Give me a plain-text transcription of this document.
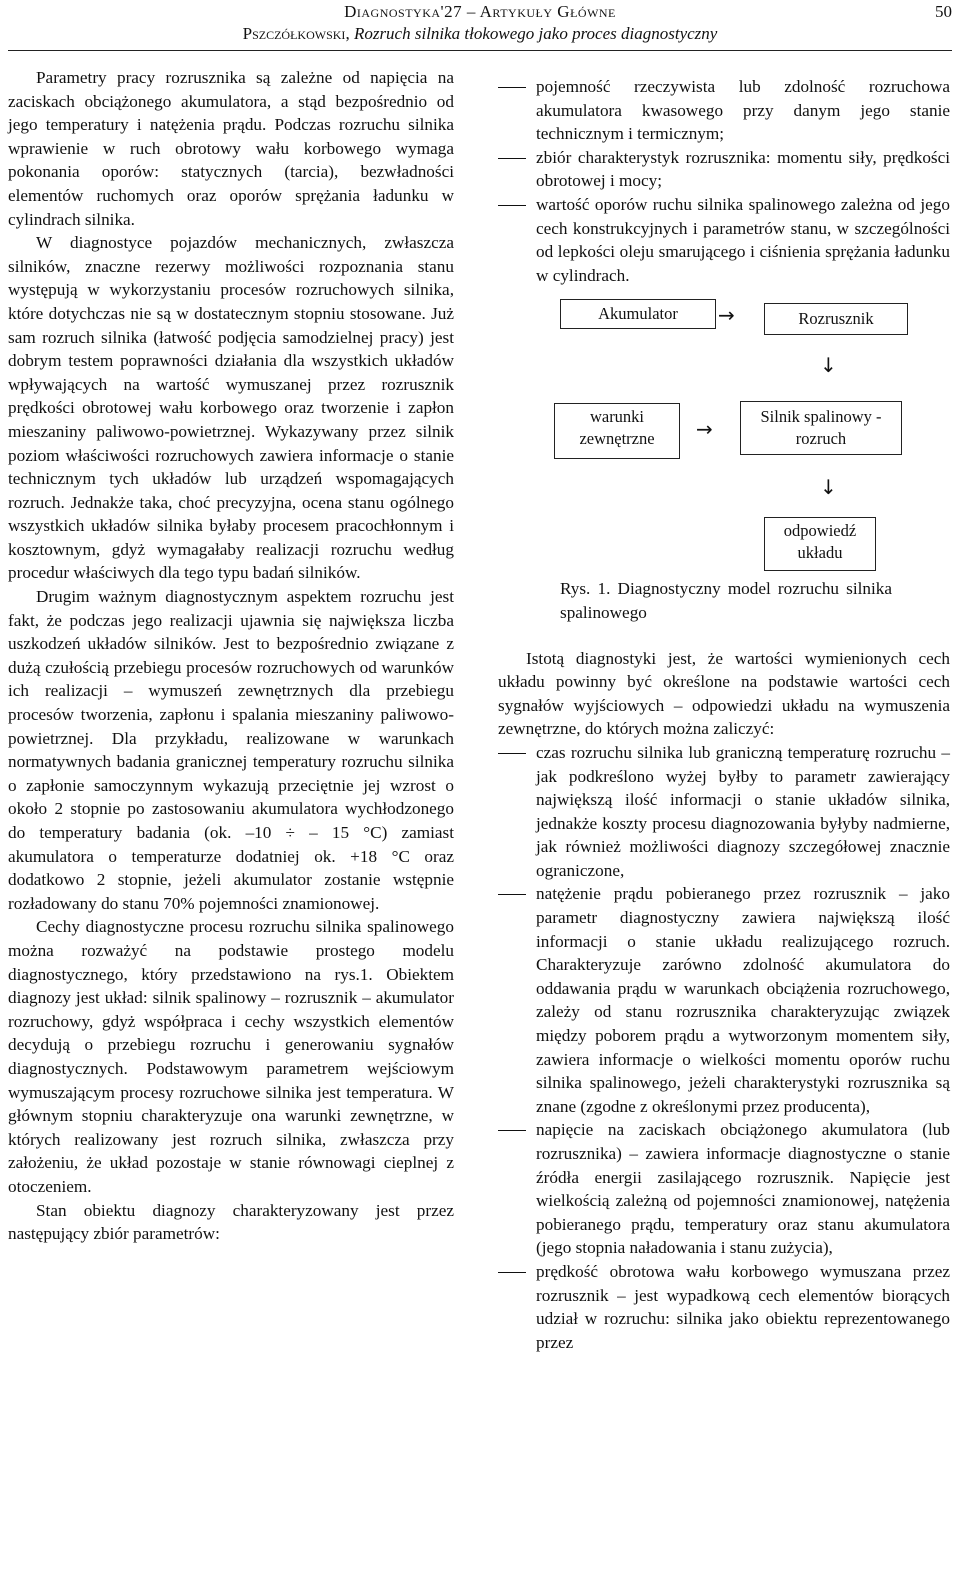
Diagnostyka'27 – Artykuły Główne
Pszczółkowski, Rozruch silnika tłokowego jako proces diagnostyczny
50

Parametry pracy rozrusznika są zależne od napięcia na zaciskach obciążonego akumulatora, a stąd bezpośrednio od jego temperatury i natężenia prądu. Podczas rozruchu silnika wprawienie w ruch obrotowy wału korbowego wymaga pokonania oporów: statycznych (tarcia), bezwładności elementów ruchomych oraz oporów sprężania ładunku w cylindrach silnika.

W diagnostyce pojazdów mechanicznych, zwłaszcza silników, znaczne rezerwy możliwości rozpoznania stanu występują w wykorzystaniu procesów rozruchowych silnika, które dotychczas nie są w dostatecznym stopniu stosowane. Już sam rozruch silnika (łatwość podjęcia samodzielnej pracy) jest dobrym testem poprawności działania dla wszystkich układów wpływających na wartość wymuszanej przez rozrusznik prędkości obrotowej wału korbowego oraz tworzenie i zapłon mieszaniny paliwowo-powietrznej. Wykazywany przez silnik poziom właściwości rozruchowych zawiera informacje o stanie technicznym tych układów lub urządzeń wspomagających rozruch. Jednakże taka, choć precyzyjna, ocena stanu ogólnego wszystkich układów silnika byłaby procesem pracochłonnym i kosztownym, gdyż wymagałaby realizacji rozruchu według procedur właściwych dla tego typu badań silników.

Drugim ważnym diagnostycznym aspektem rozruchu jest fakt, że podczas jego realizacji ujawnia się największa liczba uszkodzeń układów silników. Jest to bezpośrednio związane z dużą czułością przebiegu procesów rozruchowych od warunków ich realizacji – wymuszeń zewnętrznych dla przebiegu procesów tworzenia, zapłonu i spalania mieszaniny paliwowo-powietrznej. Dla przykładu, realizowane w warunkach normatywnych badania granicznej temperatury rozruchu silnika o zapłonie samoczynnym wykazują przeciętnie jej wzrost o około 2 stopnie po zastosowaniu akumulatora wychłodzonego do temperatury badania (ok. –10 ÷ – 15 °C) zamiast akumulatora o temperaturze dodatniej ok. +18 °C oraz dodatkowo 2 stopnie, jeżeli akumulator zostanie wstępnie rozładowany do stanu 70% pojemności znamionowej.

Cechy diagnostyczne procesu rozruchu silnika spalinowego można rozważyć na podstawie prostego modelu diagnostycznego, który przedstawiono na rys.1. Obiektem diagnozy jest układ: silnik spalinowy – rozrusznik – akumulator rozruchowy, gdyż współpraca i cechy wszystkich elementów decydują o przebiegu rozruchu i generowaniu sygnałów diagnostycznych. Podstawowym parametrem wejściowym wymuszającym procesy rozruchowe silnika jest temperatura. W głównym stopniu charakteryzuje ona warunki zewnętrzne, w których realizowany jest rozruch silnika, zwłaszcza przy założeniu, że układ pozostaje w stanie równowagi cieplnej z otoczeniem.

Stan obiektu diagnozy charakteryzowany jest przez następujący zbiór parametrów:

pojemność rzeczywista lub zdolność rozruchowa akumulatora kwasowego przy danym jego stanie technicznym i termicznym;

zbiór charakterystyk rozrusznika: momentu siły, prędkości obrotowej i mocy;

wartość oporów ruchu silnika spalinowego zależna od jego cech konstrukcyjnych i parametrów stanu, w szczególności od lepkości oleju smarującego i ciśnienia sprężania ładunku w cylindrach.

Akumulator	→	Rozrusznik
↓
warunki zewnętrzne	→
Silnik spalinowy - rozruch
↓
odpowiedź układu

Rys. 1. Diagnostyczny model rozruchu silnika spalinowego

Istotą diagnostyki jest, że wartości wymienionych cech układu powinny być określone na podstawie wartości cech sygnałów wyjściowych – odpowiedzi układu na wymuszenia zewnętrzne, do których można zaliczyć:

czas rozruchu silnika lub graniczną temperaturę rozruchu – jak podkreślono wyżej byłby to parametr zawierający największą ilość informacji o stanie układów silnika, jednakże koszty procesu diagnozowania byłyby nadmierne, jak również możliwości diagnozy szczegółowej znacznie ograniczone,

natężenie prądu pobieranego przez rozrusznik – jako parametr diagnostyczny zawiera największą ilość informacji o stanie układu realizującego rozruch. Charakteryzuje zarówno zdolność akumulatora do oddawania prądu w warunkach obciążenia rozruchowego, zależy od stanu rozrusznika charakteryzując związek między poborem prądu a wytworzonym momentem siły, zawiera informacje o wielkości momentu oporów ruchu silnika spalinowego, jeżeli charakterystyki rozrusznika są znane (zgodne z określonymi przez producenta),

napięcie na zaciskach obciążonego akumulatora (lub rozrusznika) – zawiera informacje diagnostyczne o stanie źródła energii zasilającego rozrusznik. Napięcie jest wielkością zależną od pojemności znamionowej, natężenia pobieranego prądu, temperatury oraz stanu akumulatora (jego stopnia naładowania i stanu zużycia),

prędkość obrotowa wału korbowego wymuszana przez rozrusznik – jest wypadkową cech elementów biorących udział w rozruchu: silnika jako obiektu reprezentowanego przez
